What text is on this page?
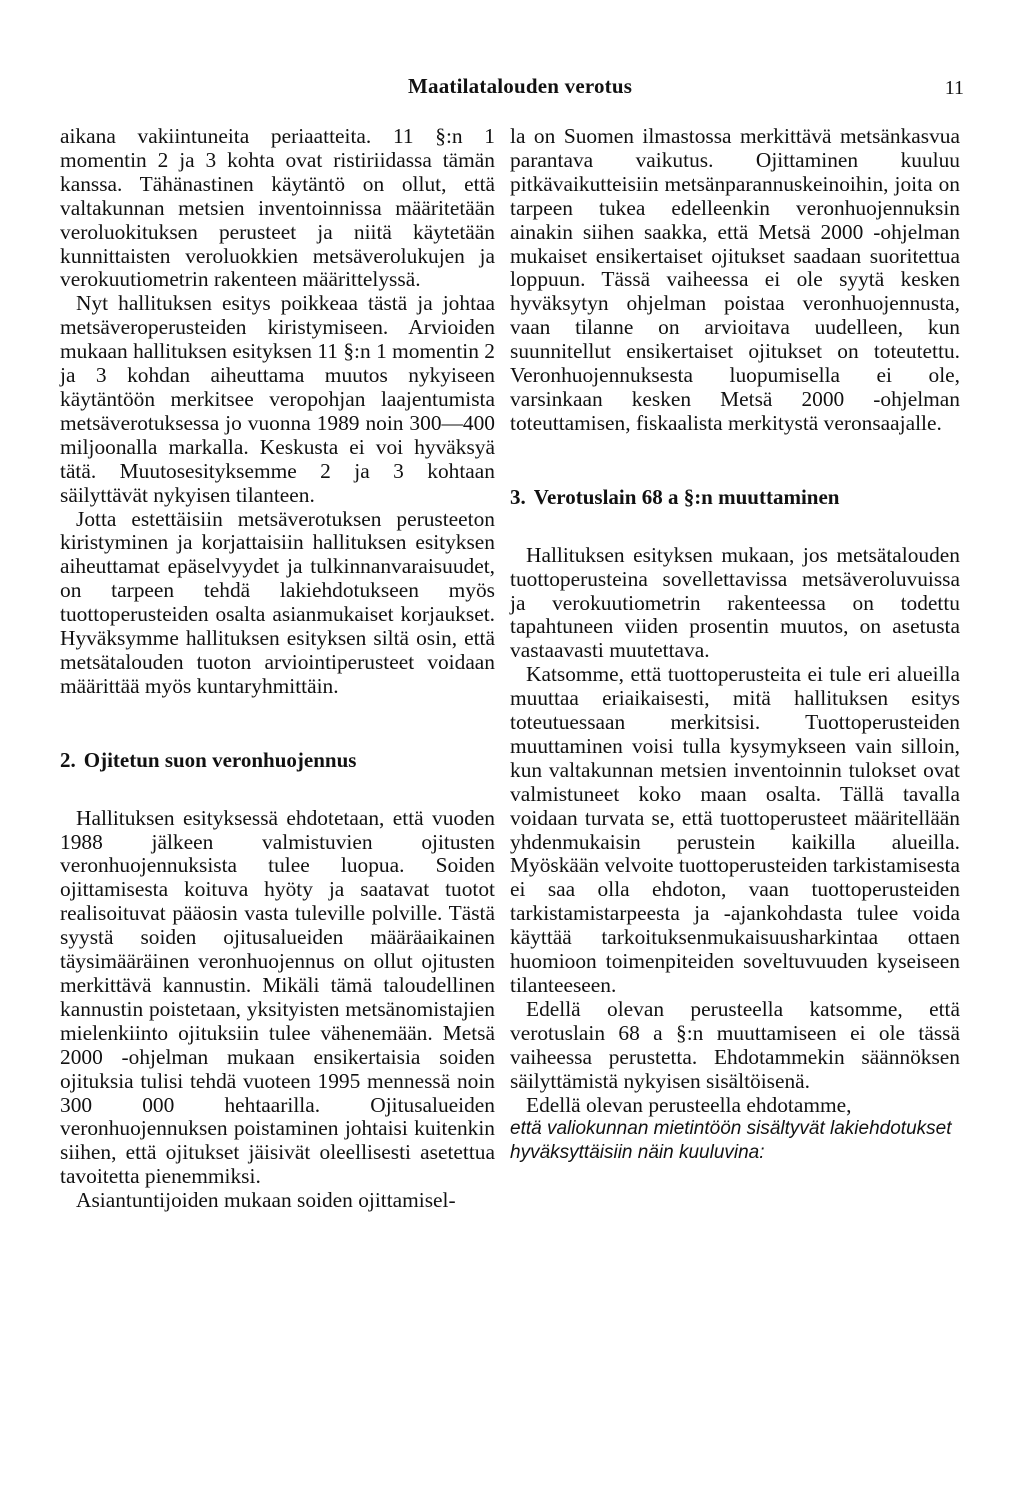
Maatilatalouden verotus	11

aikana vakiintuneita periaatteita. 11 §:n 1 momentin 2 ja 3 kohta ovat ristiriidassa tämän kanssa. Tähänastinen käytäntö on ollut, että valtakunnan metsien inventoinnissa määritetään veroluokituksen perusteet ja niitä käytetään kunnittaisten veroluokkien metsäverolukujen ja verokuutiometrin rakenteen määrittelyssä.

Nyt hallituksen esitys poikkeaa tästä ja johtaa metsäveroperusteiden kiristymiseen. Arvioiden mukaan hallituksen esityksen 11 §:n 1 momentin 2 ja 3 kohdan aiheuttama muutos nykyiseen käytäntöön merkitsee veropohjan laajentumista metsäverotuksessa jo vuonna 1989 noin 300—400 miljoonalla markalla. Keskusta ei voi hyväksyä tätä. Muutosesityksemme 2 ja 3 kohtaan säilyttävät nykyisen tilanteen.

Jotta estettäisiin metsäverotuksen perusteeton kiristyminen ja korjattaisiin hallituksen esityksen aiheuttamat epäselvyydet ja tulkinnanvaraisuudet, on tarpeen tehdä lakiehdotukseen myös tuottoperusteiden osalta asianmukaiset korjaukset. Hyväksymme hallituksen esityksen siltä osin, että metsätalouden tuoton arviointiperusteet voidaan määrittää myös kuntaryhmittäin.

2. Ojitetun suon veronhuojennus

Hallituksen esityksessä ehdotetaan, että vuoden 1988 jälkeen valmistuvien ojitusten veronhuojennuksista tulee luopua. Soiden ojittamisesta koituva hyöty ja saatavat tuotot realisoituvat pääosin vasta tuleville polville. Tästä syystä soiden ojitusalueiden määräaikainen täysimääräinen veronhuojennus on ollut ojitusten merkittävä kannustin. Mikäli tämä taloudellinen kannustin poistetaan, yksityisten metsänomistajien mielenkiinto ojituksiin tulee vähenemään. Metsä 2000 -ohjelman mukaan ensikertaisia soiden ojituksia tulisi tehdä vuoteen 1995 mennessä noin 300 000 hehtaarilla. Ojitusalueiden veronhuojennuksen poistaminen johtaisi kuitenkin siihen, että ojitukset jäisivät oleellisesti asetettua tavoitetta pienemmiksi.

Asiantuntijoiden mukaan soiden ojittamisel-

la on Suomen ilmastossa merkittävä metsänkasvua parantava vaikutus. Ojittaminen kuuluu pitkävaikutteisiin metsänparannuskeinoihin, joita on tarpeen tukea edelleenkin veronhuojennuksin ainakin siihen saakka, että Metsä 2000 -ohjelman mukaiset ensikertaiset ojitukset saadaan suoritettua loppuun. Tässä vaiheessa ei ole syytä kesken hyväksytyn ohjelman poistaa veronhuojennusta, vaan tilanne on arvioitava uudelleen, kun suunnitellut ensikertaiset ojitukset on toteutettu. Veronhuojennuksesta luopumisella ei ole, varsinkaan kesken Metsä 2000 -ohjelman toteuttamisen, fiskaalista merkitystä veronsaajalle.

3. Verotuslain 68 a §:n muuttaminen

Hallituksen esityksen mukaan, jos metsätalouden tuottoperusteina sovellettavissa metsäveroluvuissa ja verokuutiometrin rakenteessa on todettu tapahtuneen viiden prosentin muutos, on asetusta vastaavasti muutettava.

Katsomme, että tuottoperusteita ei tule eri alueilla muuttaa eriaikaisesti, mitä hallituksen esitys toteutuessaan merkitsisi. Tuottoperusteiden muuttaminen voisi tulla kysymykseen vain silloin, kun valtakunnan metsien inventoinnin tulokset ovat valmistuneet koko maan osalta. Tällä tavalla voidaan turvata se, että tuottoperusteet määritellään yhdenmukaisin perustein kaikilla alueilla. Myöskään velvoite tuottoperusteiden tarkistamisesta ei saa olla ehdoton, vaan tuottoperusteiden tarkistamistarpeesta ja -ajankohdasta tulee voida käyttää tarkoituksenmukaisuusharkintaa ottaen huomioon toimenpiteiden soveltuvuuden kyseiseen tilanteeseen.

Edellä olevan perusteella katsomme, että verotuslain 68 a §:n muuttamiseen ei ole tässä vaiheessa perustetta. Ehdotammekin säännöksen säilyttämistä nykyisen sisältöisenä.

Edellä olevan perusteella ehdotamme,

että valiokunnan mietintöön sisältyvät lakiehdotukset hyväksyttäisiin näin kuuluvina:
